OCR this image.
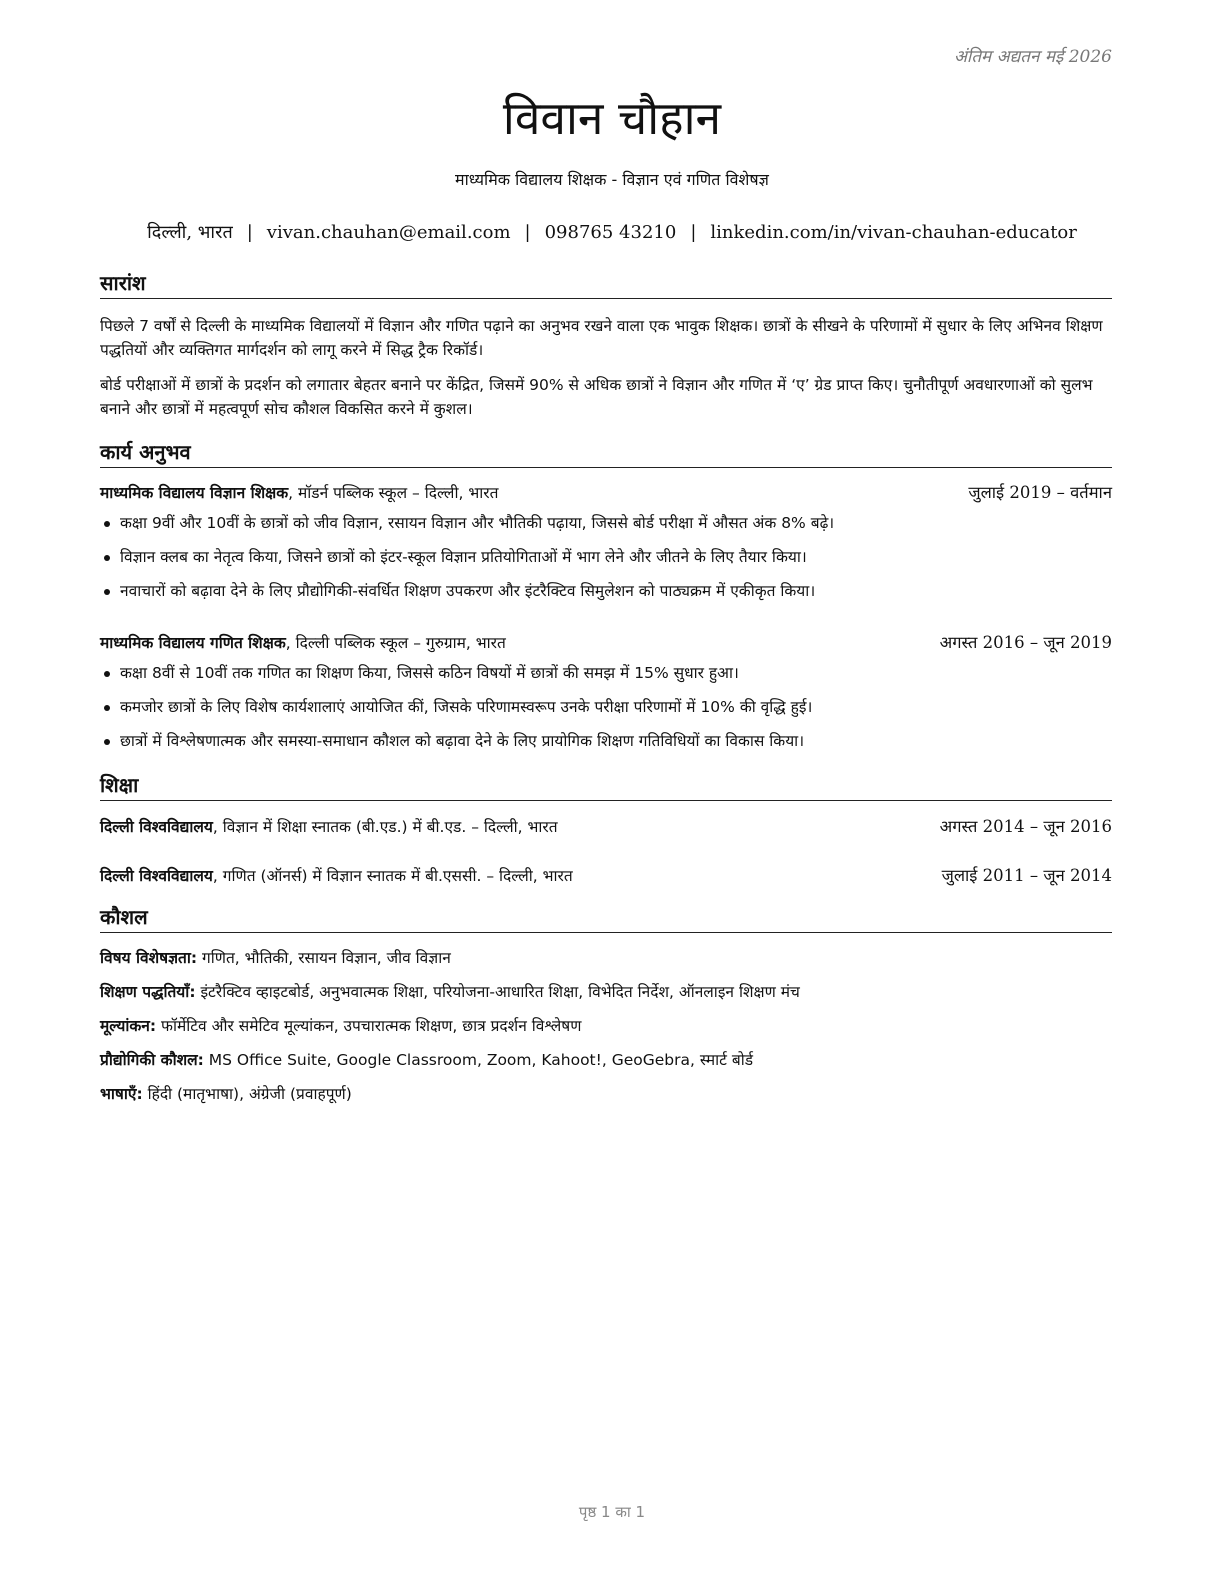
अंतिम अद्यतन मई 2026
विवान चौहान
माध्यमिक विद्यालय शिक्षक - विज्ञान एवं गणित विशेषज्ञ
दिल्ली, भारत | vivan.chauhan@email.com | 098765 43210 | linkedin.com/in/vivan-chauhan-educator
सारांश
पिछले 7 वर्षों से दिल्ली के माध्यमिक विद्यालयों में विज्ञान और गणित पढ़ाने का अनुभव रखने वाला एक भावुक शिक्षक। छात्रों के सीखने के परिणामों में सुधार के लिए अभिनव शिक्षण पद्धतियों और व्यक्तिगत मार्गदर्शन को लागू करने में सिद्ध ट्रैक रिकॉर्ड।
बोर्ड परीक्षाओं में छात्रों के प्रदर्शन को लगातार बेहतर बनाने पर केंद्रित, जिसमें 90% से अधिक छात्रों ने विज्ञान और गणित में ‘ए’ ग्रेड प्राप्त किए। चुनौतीपूर्ण अवधारणाओं को सुलभ बनाने और छात्रों में महत्वपूर्ण सोच कौशल विकसित करने में कुशल।
कार्य अनुभव
माध्यमिक विद्यालय विज्ञान शिक्षक, मॉडर्न पब्लिक स्कूल – दिल्ली, भारत	जुलाई 2019 – वर्तमान
कक्षा 9वीं और 10वीं के छात्रों को जीव विज्ञान, रसायन विज्ञान और भौतिकी पढ़ाया, जिससे बोर्ड परीक्षा में औसत अंक 8% बढ़े।
विज्ञान क्लब का नेतृत्व किया, जिसने छात्रों को इंटर-स्कूल विज्ञान प्रतियोगिताओं में भाग लेने और जीतने के लिए तैयार किया।
नवाचारों को बढ़ावा देने के लिए प्रौद्योगिकी-संवर्धित शिक्षण उपकरण और इंटरैक्टिव सिमुलेशन को पाठ्यक्रम में एकीकृत किया।
माध्यमिक विद्यालय गणित शिक्षक, दिल्ली पब्लिक स्कूल – गुरुग्राम, भारत	अगस्त 2016 – जून 2019
कक्षा 8वीं से 10वीं तक गणित का शिक्षण किया, जिससे कठिन विषयों में छात्रों की समझ में 15% सुधार हुआ।
कमजोर छात्रों के लिए विशेष कार्यशालाएं आयोजित कीं, जिसके परिणामस्वरूप उनके परीक्षा परिणामों में 10% की वृद्धि हुई।
छात्रों में विश्लेषणात्मक और समस्या-समाधान कौशल को बढ़ावा देने के लिए प्रायोगिक शिक्षण गतिविधियों का विकास किया।
शिक्षा
दिल्ली विश्वविद्यालय, विज्ञान में शिक्षा स्नातक (बी.एड.) में बी.एड. – दिल्ली, भारत	अगस्त 2014 – जून 2016
दिल्ली विश्वविद्यालय, गणित (ऑनर्स) में विज्ञान स्नातक में बी.एससी. – दिल्ली, भारत	जुलाई 2011 – जून 2014
कौशल
विषय विशेषज्ञता: गणित, भौतिकी, रसायन विज्ञान, जीव विज्ञान
शिक्षण पद्धतियाँ: इंटरैक्टिव व्हाइटबोर्ड, अनुभवात्मक शिक्षा, परियोजना-आधारित शिक्षा, विभेदित निर्देश, ऑनलाइन शिक्षण मंच
मूल्यांकन: फॉर्मेटिव और समेटिव मूल्यांकन, उपचारात्मक शिक्षण, छात्र प्रदर्शन विश्लेषण
प्रौद्योगिकी कौशल: MS Office Suite, Google Classroom, Zoom, Kahoot!, GeoGebra, स्मार्ट बोर्ड
भाषाएँ: हिंदी (मातृभाषा), अंग्रेजी (प्रवाहपूर्ण)
पृष्ठ 1 का 1
